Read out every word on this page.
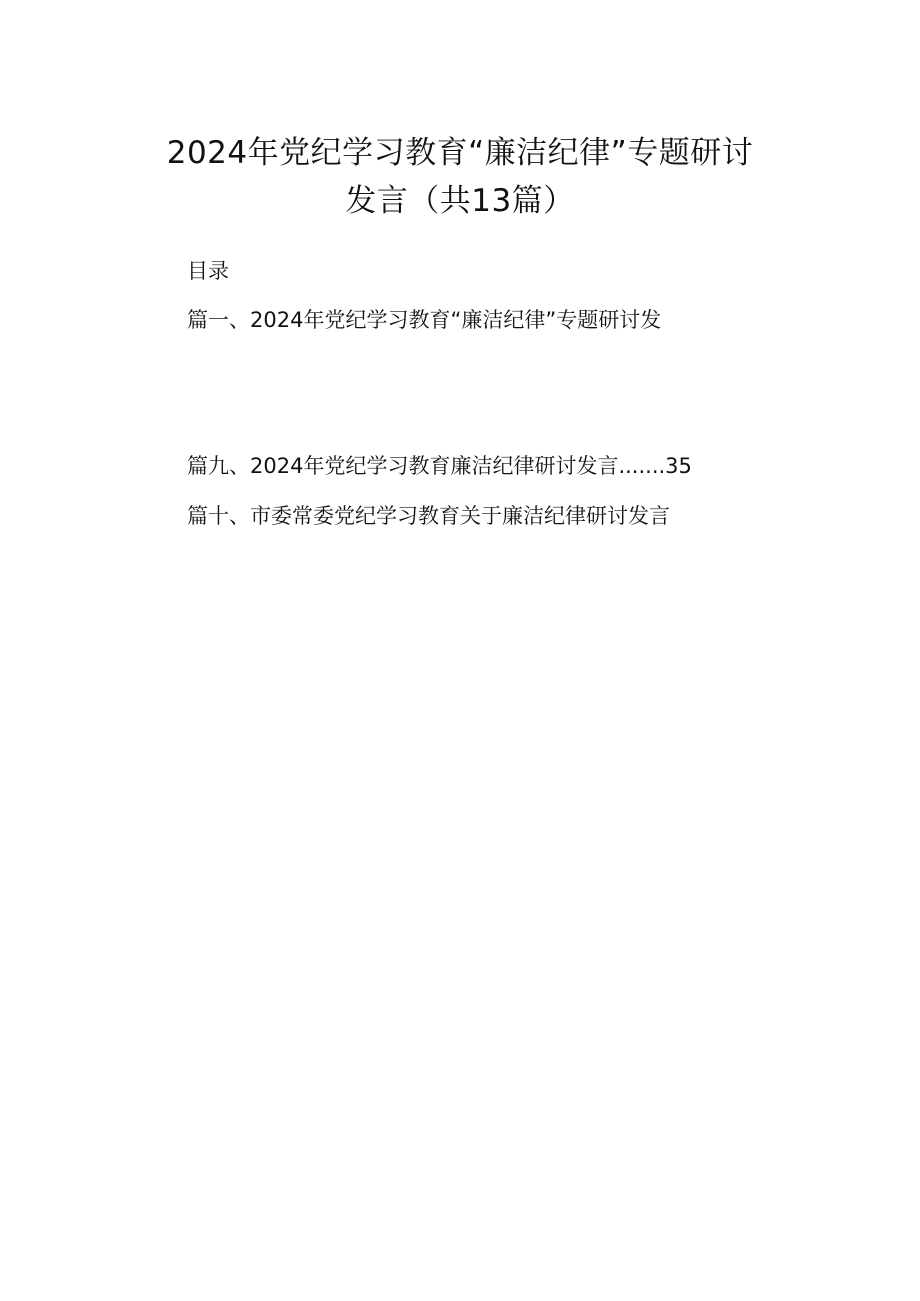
2024年党纪学习教育“廉洁纪律”专题研讨
发言（共13篇）
目录
篇一、2024年党纪学习教育“廉洁纪律”专题研讨发
篇九、2024年党纪学习教育廉洁纪律研讨发言.......35
篇十、市委常委党纪学习教育关于廉洁纪律研讨发言
